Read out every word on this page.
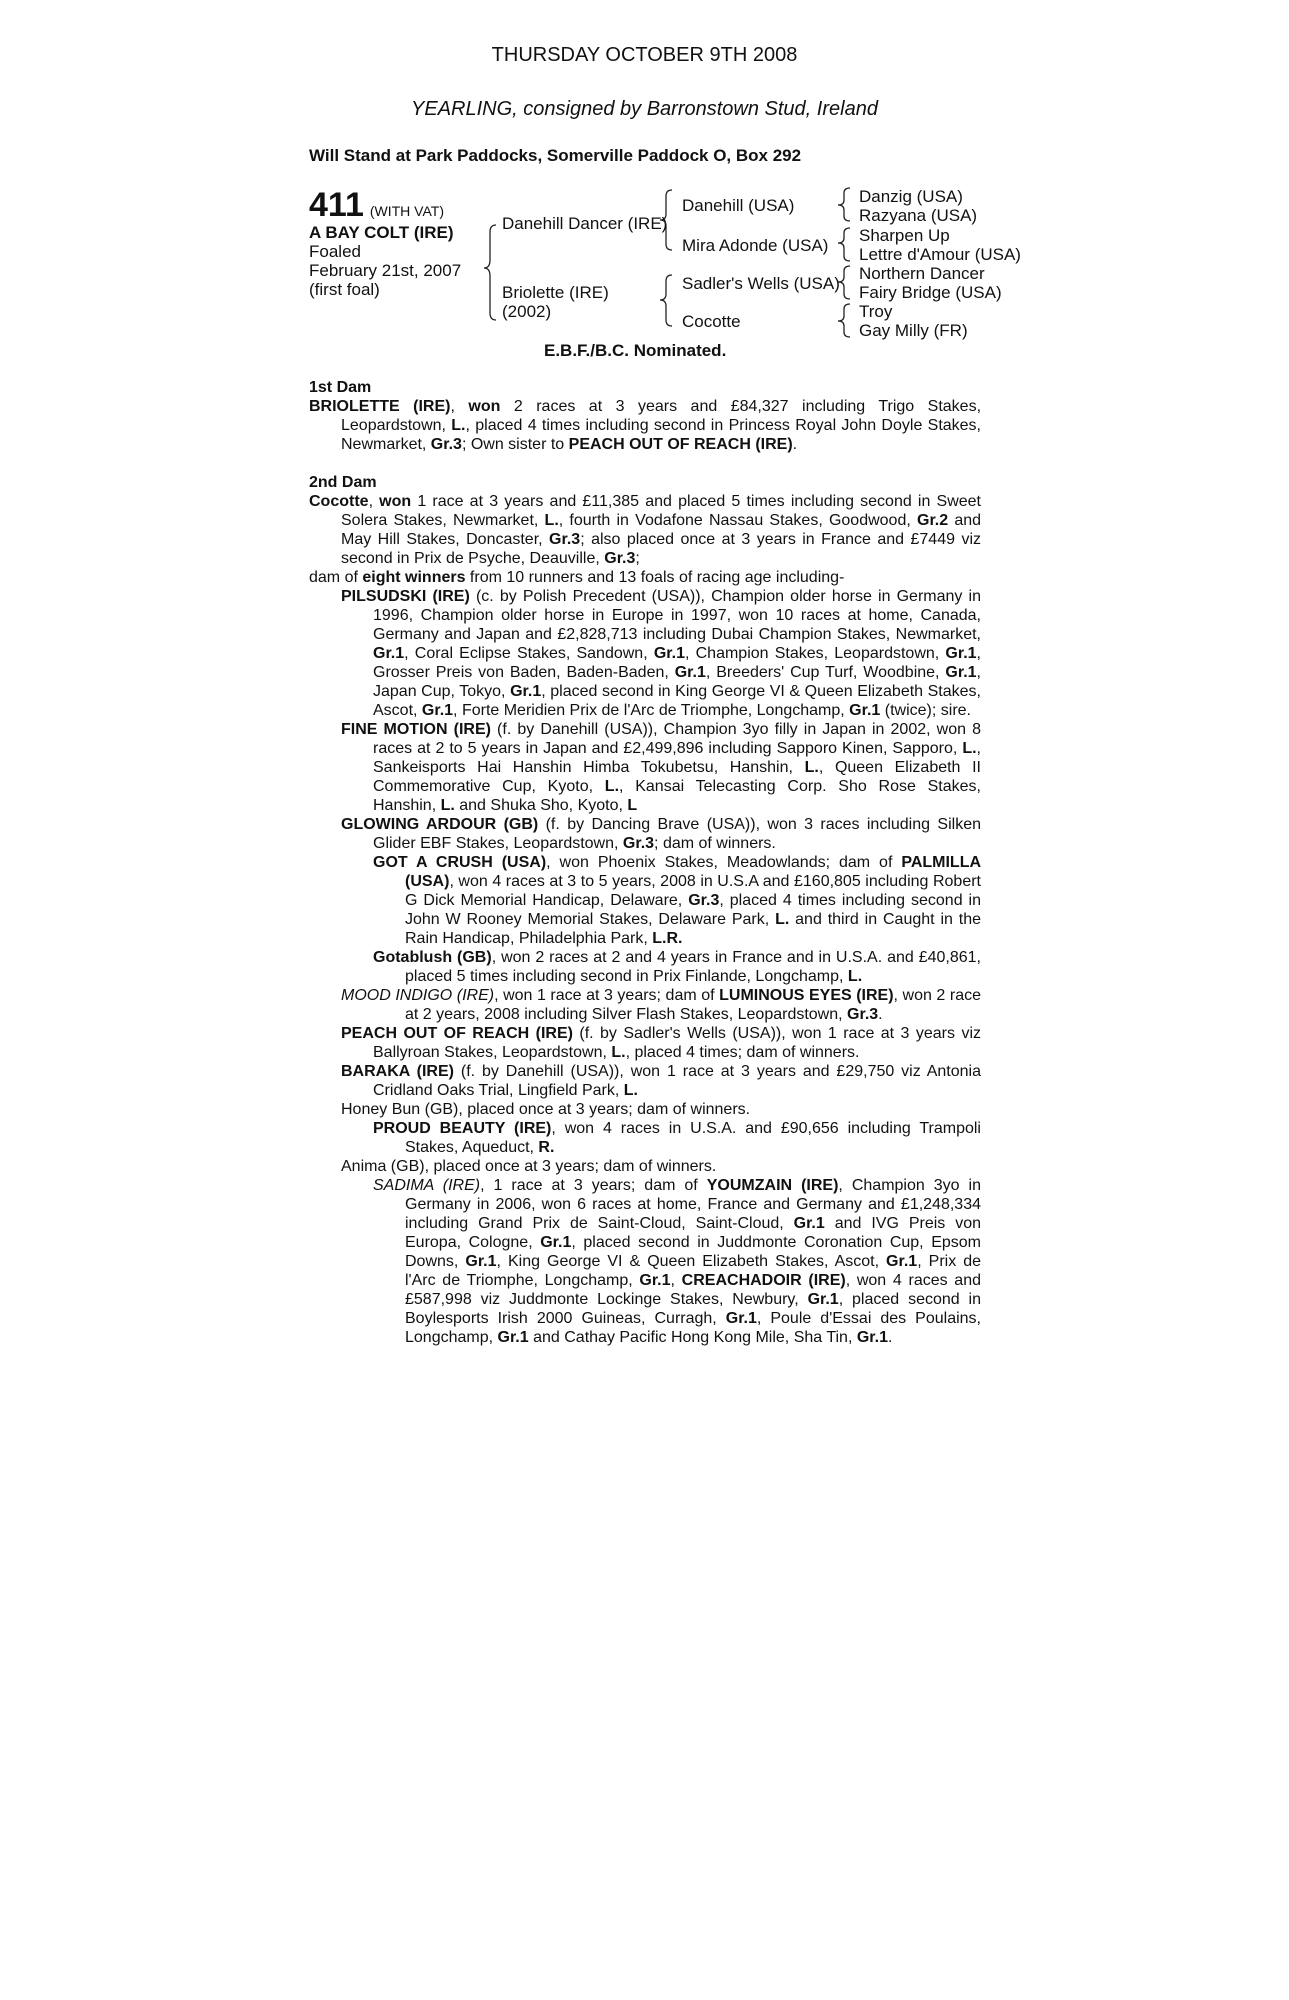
THURSDAY OCTOBER 9TH 2008
YEARLING, consigned by Barronstown Stud, Ireland
Will Stand at Park Paddocks, Somerville Paddock O, Box 292
411 (WITH VAT)
A BAY COLT (IRE)
Foaled
February 21st, 2007
(first foal)
Danehill Dancer (IRE)
Briolette (IRE)
(2002)
Danehill (USA)
Mira Adonde (USA)
Sadler's Wells (USA)
Cocotte
Danzig (USA)
Razyana (USA)
Sharpen Up
Lettre d'Amour (USA)
Northern Dancer
Fairy Bridge (USA)
Troy
Gay Milly (FR)
E.B.F./B.C. Nominated.

1st Dam

BRIOLETTE (IRE), won 2 races at 3 years and £84,327 including Trigo Stakes, Leopardstown, L., placed 4 times including second in Princess Royal John Doyle Stakes, Newmarket, Gr.3; Own sister to PEACH OUT OF REACH (IRE).

2nd Dam

Cocotte, won 1 race at 3 years and £11,385 and placed 5 times including second in Sweet Solera Stakes, Newmarket, L., fourth in Vodafone Nassau Stakes, Goodwood, Gr.2 and May Hill Stakes, Doncaster, Gr.3; also placed once at 3 years in France and £7449 viz second in Prix de Psyche, Deauville, Gr.3;

dam of eight winners from 10 runners and 13 foals of racing age including-

PILSUDSKI (IRE) (c. by Polish Precedent (USA)), Champion older horse in Germany in 1996, Champion older horse in Europe in 1997, won 10 races at home, Canada, Germany and Japan and £2,828,713 including Dubai Champion Stakes, Newmarket, Gr.1, Coral Eclipse Stakes, Sandown, Gr.1, Champion Stakes, Leopardstown, Gr.1, Grosser Preis von Baden, Baden-Baden, Gr.1, Breeders' Cup Turf, Woodbine, Gr.1, Japan Cup, Tokyo, Gr.1, placed second in King George VI & Queen Elizabeth Stakes, Ascot, Gr.1, Forte Meridien Prix de l'Arc de Triomphe, Longchamp, Gr.1 (twice); sire.

FINE MOTION (IRE) (f. by Danehill (USA)), Champion 3yo filly in Japan in 2002, won 8 races at 2 to 5 years in Japan and £2,499,896 including Sapporo Kinen, Sapporo, L., Sankeisports Hai Hanshin Himba Tokubetsu, Hanshin, L., Queen Elizabeth II Commemorative Cup, Kyoto, L., Kansai Telecasting Corp. Sho Rose Stakes, Hanshin, L. and Shuka Sho, Kyoto, L

GLOWING ARDOUR (GB) (f. by Dancing Brave (USA)), won 3 races including Silken Glider EBF Stakes, Leopardstown, Gr.3; dam of winners.

GOT A CRUSH (USA), won Phoenix Stakes, Meadowlands; dam of PALMILLA (USA), won 4 races at 3 to 5 years, 2008 in U.S.A and £160,805 including Robert G Dick Memorial Handicap, Delaware, Gr.3, placed 4 times including second in John W Rooney Memorial Stakes, Delaware Park, L. and third in Caught in the Rain Handicap, Philadelphia Park, L.R.

Gotablush (GB), won 2 races at 2 and 4 years in France and in U.S.A. and £40,861, placed 5 times including second in Prix Finlande, Longchamp, L.

MOOD INDIGO (IRE), won 1 race at 3 years; dam of LUMINOUS EYES (IRE), won 2 race at 2 years, 2008 including Silver Flash Stakes, Leopardstown, Gr.3.

PEACH OUT OF REACH (IRE) (f. by Sadler's Wells (USA)), won 1 race at 3 years viz Ballyroan Stakes, Leopardstown, L., placed 4 times; dam of winners.

BARAKA (IRE) (f. by Danehill (USA)), won 1 race at 3 years and £29,750 viz Antonia Cridland Oaks Trial, Lingfield Park, L.

Honey Bun (GB), placed once at 3 years; dam of winners.

PROUD BEAUTY (IRE), won 4 races in U.S.A. and £90,656 including Trampoli Stakes, Aqueduct, R.

Anima (GB), placed once at 3 years; dam of winners.

SADIMA (IRE), 1 race at 3 years; dam of YOUMZAIN (IRE), Champion 3yo in Germany in 2006, won 6 races at home, France and Germany and £1,248,334 including Grand Prix de Saint-Cloud, Saint-Cloud, Gr.1 and IVG Preis von Europa, Cologne, Gr.1, placed second in Juddmonte Coronation Cup, Epsom Downs, Gr.1, King George VI & Queen Elizabeth Stakes, Ascot, Gr.1, Prix de l'Arc de Triomphe, Longchamp, Gr.1, CREACHADOIR (IRE), won 4 races and £587,998 viz Juddmonte Lockinge Stakes, Newbury, Gr.1, placed second in Boylesports Irish 2000 Guineas, Curragh, Gr.1, Poule d'Essai des Poulains, Longchamp, Gr.1 and Cathay Pacific Hong Kong Mile, Sha Tin, Gr.1.
